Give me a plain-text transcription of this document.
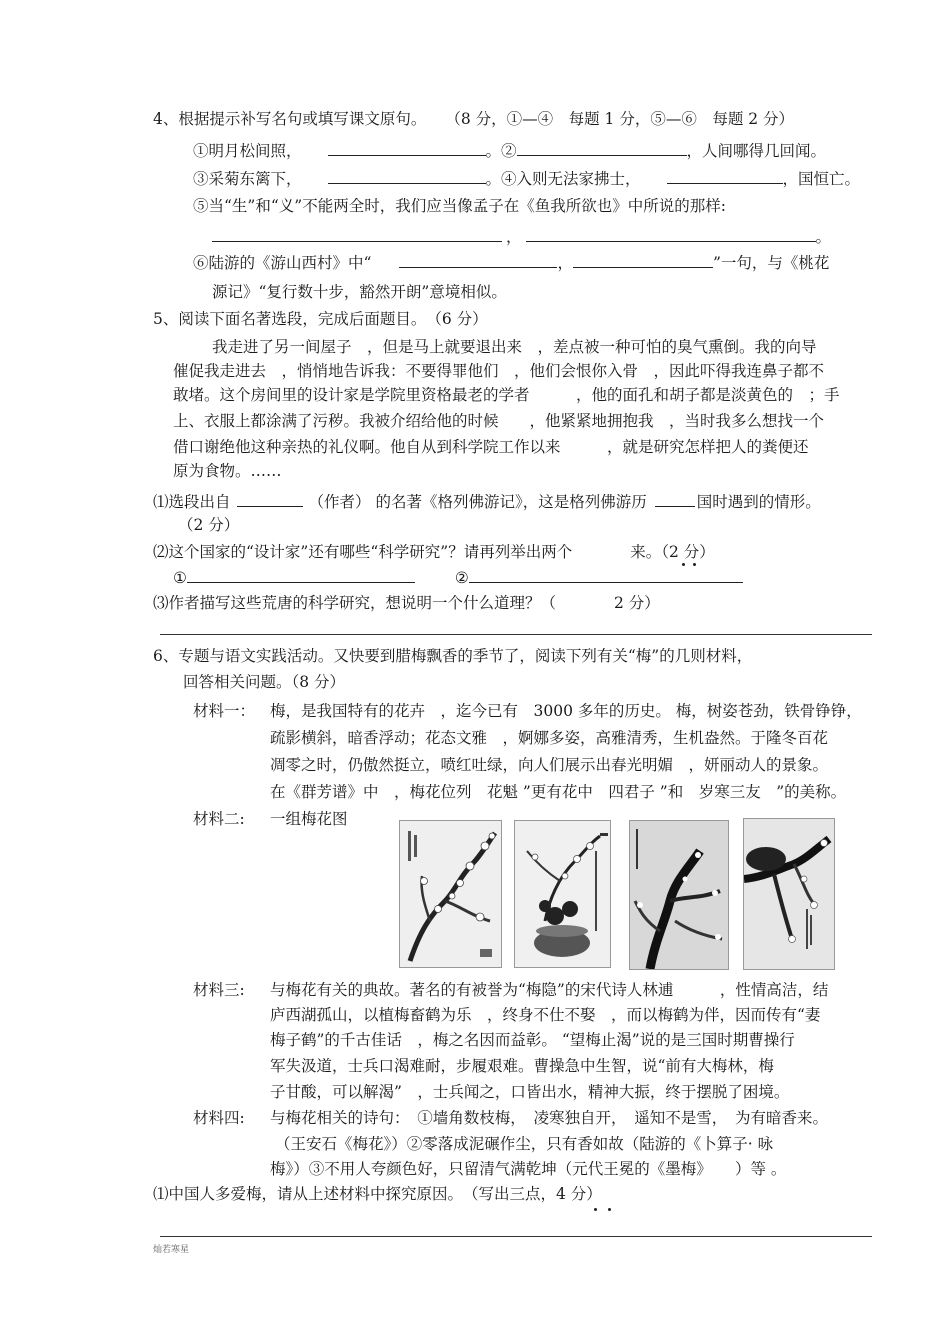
4、根据提示补写名句或填写课文原句。 （8 分，①—④　每题 1 分，⑤—⑥　每题 2 分）
①明月松间照，	。②	，人间哪得几回闻。
③采菊东篱下，	。④入则无法家拂士，	，国恒亡。
⑤当“生”和“义”不能两全时，我们应当像孟子在《鱼我所欲也》中所说的那样:
，	。
⑥陆游的《游山西村》中“	，	”一句，与《桃花
源记》“复行数十步，豁然开朗”意境相似。
5、阅读下面名著选段，完成后面题目。　（6 分）
我走进了另一间屋子　，但是马上就要退出来　，差点被一种可怕的臭气熏倒。我的向导
催促我走进去　，悄悄地告诉我：不要得罪他们　，他们会恨你入骨　，因此吓得我连鼻子都不
敢堵。这个房间里的设计家是学院里资格最老的学者　　　，他的面孔和胡子都是淡黄色的　；手
上、衣服上都涂满了污秽。我被介绍给他的时候　　，他紧紧地拥抱我　，当时我多么想找一个
借口谢绝他这种亲热的礼仪啊。他自从到科学院工作以来　　　，就是研究怎样把人的粪便还
原为食物。……
⑴选段出自	（作者） 的名著《格列佛游记》，这是格列佛游历	国时遇到的情形。
（2 分）
⑵这个国家的“设计家”还有哪些“科学研究”？请再列举出两个	来。（2 分）
①	②
⑶作者描写这些荒唐的科学研究，想说明一个什么道理？（	2 分）
6、专题与语文实践活动。又快要到腊梅飘香的季节了，阅读下列有关“梅”的几则材料，
回答相关问题。（8 分）
材料一： 梅，是我国特有的花卉　，迄今已有　3000 多年的历史。 梅，树姿苍劲，铁骨铮铮，
疏影横斜，暗香浮动；花态文雅　，婀娜多姿，高雅清秀，生机盎然。于隆冬百花
凋零之时，仍傲然挺立，喷红吐绿，向人们展示出春光明媚　，妍丽动人的景象。
在《群芳谱》中　，梅花位列　花魁 ”更有花中　四君子 ”和　岁寒三友　”的美称。
材料二: 一组梅花图
材料三: 与梅花有关的典故。著名的有被誉为“梅隐”的宋代诗人林逋　　　，性情高洁，结
庐西湖孤山，以植梅畜鹤为乐　，终身不仕不娶　，而以梅鹤为伴，因而传有“妻
梅子鹤”的千古佳话　，梅之名因而益彰。 “望梅止渴”说的是三国时期曹操行
军失汲道，士兵口渴难耐，步履艰难。曹操急中生智，说“前有大梅林，梅
子甘酸，可以解渴”　，士兵闻之，口皆出水，精神大振，终于摆脱了困境。
材料四: 与梅花相关的诗句：　①墙角数枝梅，　凌寒独自开，　遥知不是雪，　为有暗香来。
（王安石《梅花》）②零落成泥碾作尘，只有香如故（陆游的《卜算子· 咏
梅》）③不用人夸颜色好，只留清气满乾坤（元代王冕的《墨梅》　　）等 。
⑴中国人多爱梅，请从上述材料中探究原因。　（写出三点，4 分）
灿若寒星
